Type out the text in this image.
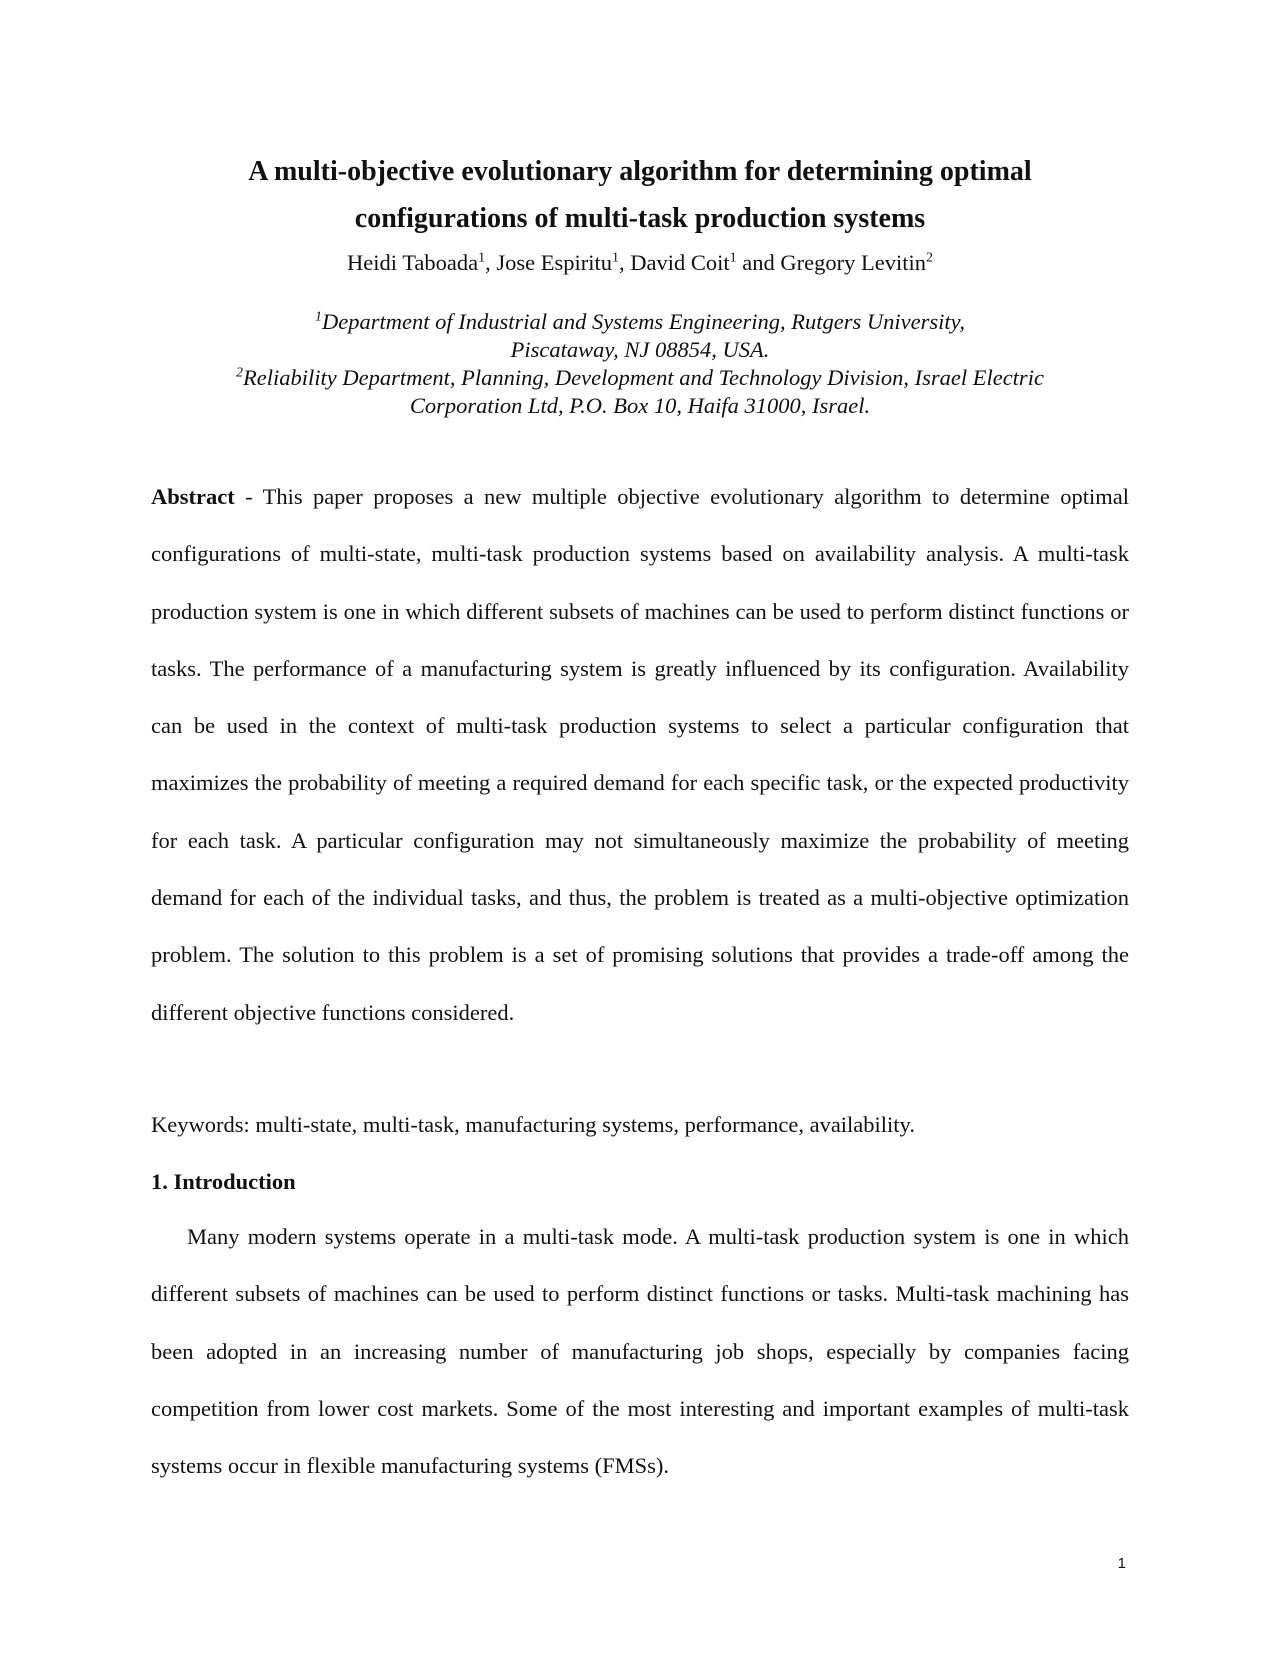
A multi-objective evolutionary algorithm for determining optimal
configurations of multi-task production systems
Heidi Taboada$^1$, Jose Espiritu$^1$, David Coit$^1$ and Gregory Levitin$^2$
$^1$Department of Industrial and Systems Engineering, Rutgers University,
Piscataway, NJ 08854, USA.
$^2$Reliability Department, Planning, Development and Technology Division, Israel Electric
Corporation Ltd, P.O. Box 10, Haifa 31000, Israel.

Abstract - This paper proposes a new multiple objective evolutionary algorithm to determine optimal configurations of multi-state, multi-task production systems based on availability analysis. A multi-task production system is one in which different subsets of machines can be used to perform distinct functions or tasks. The performance of a manufacturing system is greatly influenced by its configuration. Availability can be used in the context of multi-task production systems to select a particular configuration that maximizes the probability of meeting a required demand for each specific task, or the expected productivity for each task. A particular configuration may not simultaneously maximize the probability of meeting demand for each of the individual tasks, and thus, the problem is treated as a multi-objective optimization problem. The solution to this problem is a set of promising solutions that provides a trade-off among the different objective functions considered.

Keywords: multi-state, multi-task, manufacturing systems, performance, availability.
1. Introduction
Many modern systems operate in a multi-task mode. A multi-task production system is one in which different subsets of machines can be used to perform distinct functions or tasks. Multi-task machining has been adopted in an increasing number of manufacturing job shops, especially by companies facing competition from lower cost markets. Some of the most interesting and important examples of multi-task systems occur in flexible manufacturing systems (FMSs).
1
